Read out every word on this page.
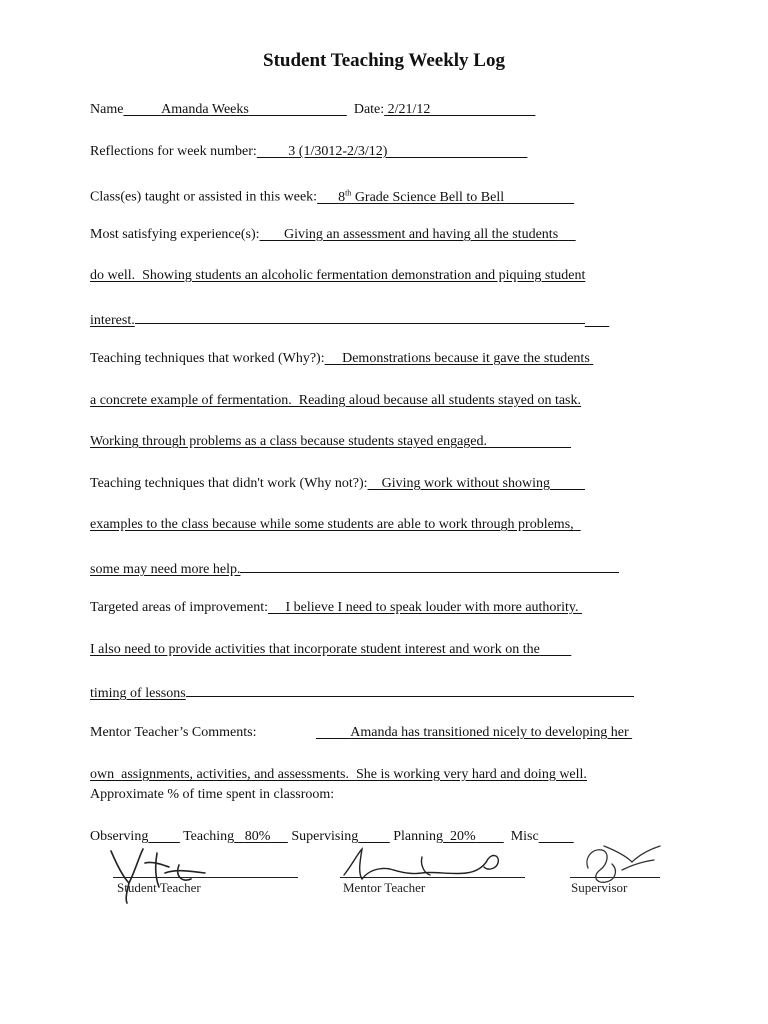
Student Teaching Weekly Log
Name	Amanda Weeks	Date: 2/21/12
Reflections for week number: 3 (1/3012-2/3/12)
Class(es) taught or assisted in this week: 8th Grade Science Bell to Bell
Most satisfying experience(s): Giving an assessment and having all the students
do well.  Showing students an alcoholic fermentation demonstration and piquing student
interest.
Teaching techniques that worked (Why?): Demonstrations because it gave the students
a concrete example of fermentation.  Reading aloud because all students stayed on task.
Working through problems as a class because students stayed engaged.
Teaching techniques that didn't work (Why not?): Giving work without showing
examples to the class because while some students are able to work through problems,
some may need more help.
Targeted areas of improvement: I believe I need to speak louder with more authority.
I also need to provide activities that incorporate student interest and work on the
timing of lessons
Mentor Teacher’s Comments:	Amanda has transitioned nicely to developing her
own  assignments, activities, and assessments.  She is working very hard and doing well.
Approximate % of time spent in classroom:
Observing Teaching 80% Supervising	Planning 20%	Misc
Student Teacher	Mentor Teacher	Supervisor
